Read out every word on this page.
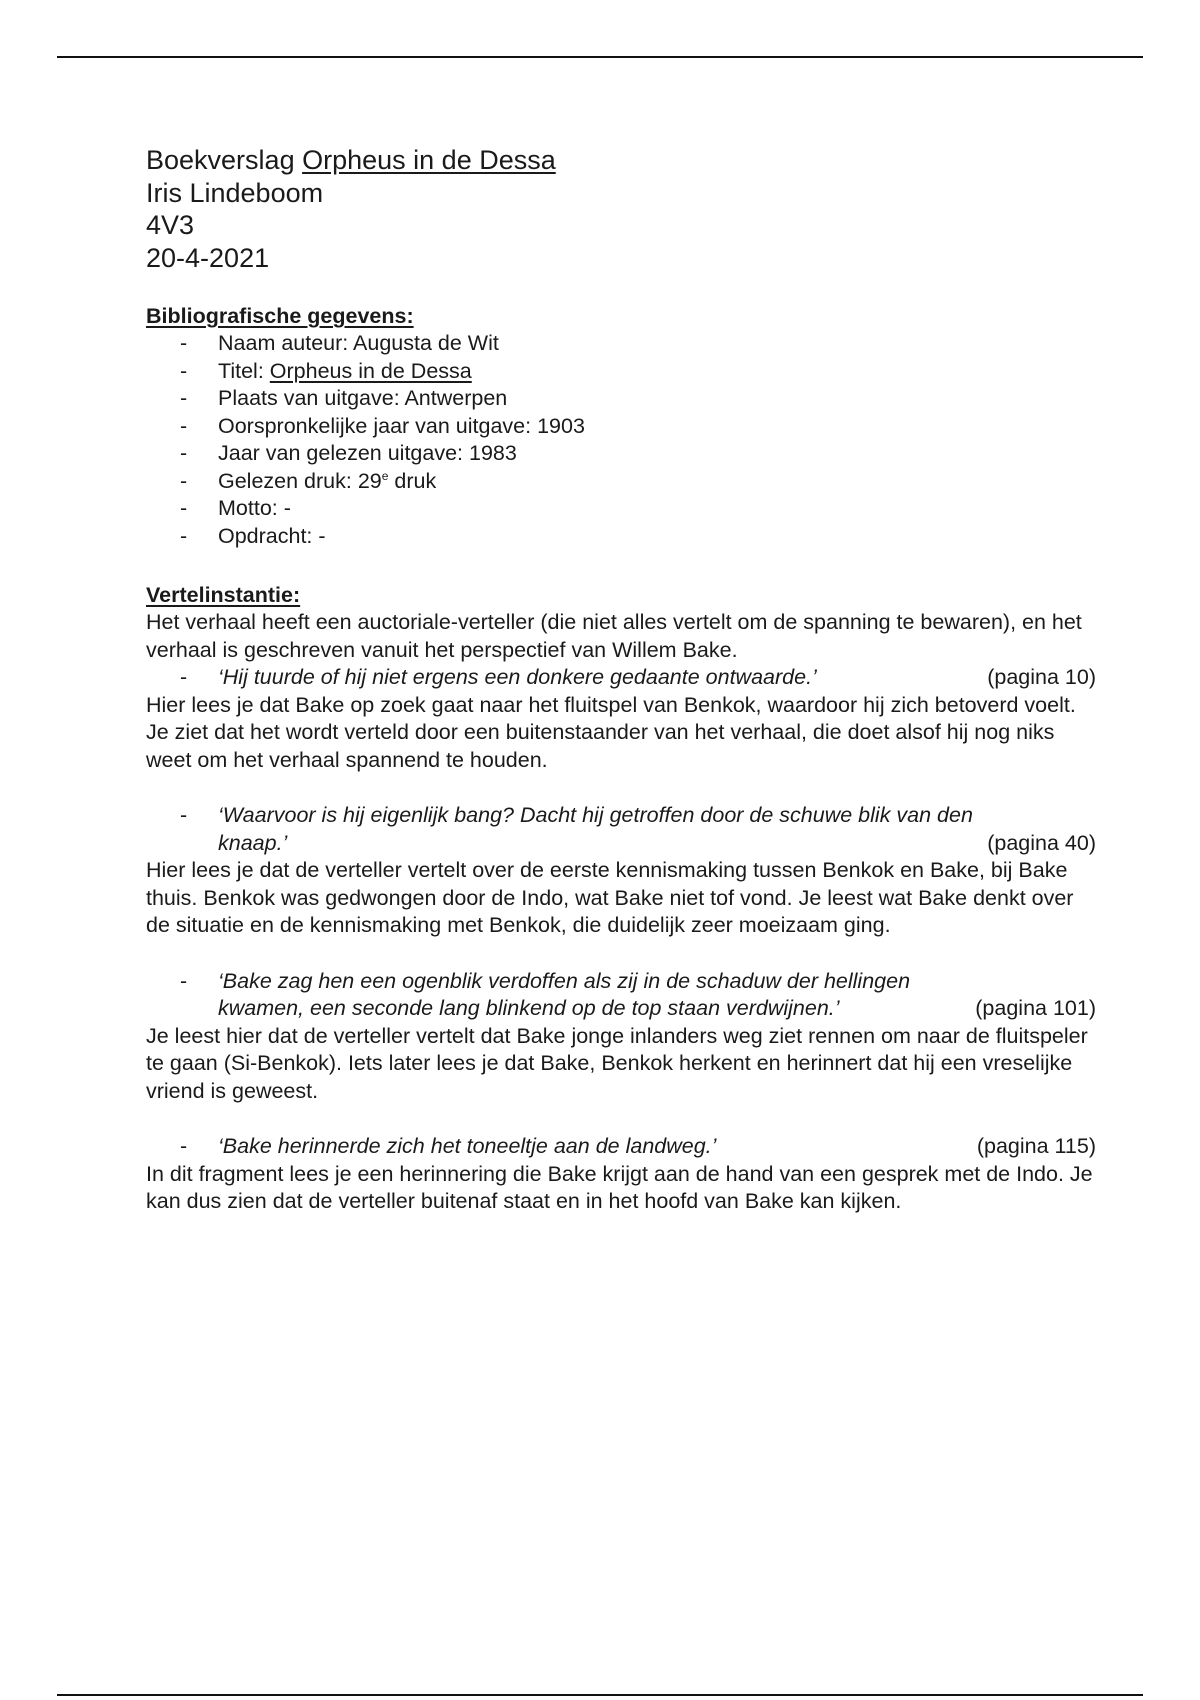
Boekverslag Orpheus in de Dessa
Iris Lindeboom
4V3
20-4-2021
Bibliografische gegevens:
- Naam auteur: Augusta de Wit
- Titel: Orpheus in de Dessa
- Plaats van uitgave: Antwerpen
- Oorspronkelijke jaar van uitgave: 1903
- Jaar van gelezen uitgave: 1983
- Gelezen druk: 29e druk
- Motto: -
- Opdracht: -
Vertelinstantie:

Het verhaal heeft een auctoriale-verteller (die niet alles vertelt om de spanning te bewaren), en het verhaal is geschreven vanuit het perspectief van Willem Bake.

- ‘Hij tuurde of hij niet ergens een donkere gedaante ontwaarde.’	(pagina 10)

Hier lees je dat Bake op zoek gaat naar het fluitspel van Benkok, waardoor hij zich betoverd voelt. Je ziet dat het wordt verteld door een buitenstaander van het verhaal, die doet alsof hij nog niks weet om het verhaal spannend te houden.

- ‘Waarvoor is hij eigenlijk bang? Dacht hij getroffen door de schuwe blik van den
knaap.’	(pagina 40)

Hier lees je dat de verteller vertelt over de eerste kennismaking tussen Benkok en Bake, bij Bake thuis. Benkok was gedwongen door de Indo, wat Bake niet tof vond. Je leest wat Bake denkt over de situatie en de kennismaking met Benkok, die duidelijk zeer moeizaam ging.

- ‘Bake zag hen een ogenblik verdoffen als zij in de schaduw der hellingen
kwamen, een seconde lang blinkend op de top staan verdwijnen.’	(pagina 101)

Je leest hier dat de verteller vertelt dat Bake jonge inlanders weg ziet rennen om naar de fluitspeler te gaan (Si-Benkok). Iets later lees je dat Bake, Benkok herkent en herinnert dat hij een vreselijke vriend is geweest.

- ‘Bake herinnerde zich het toneeltje aan de landweg.’	(pagina 115)

In dit fragment lees je een herinnering die Bake krijgt aan de hand van een gesprek met de Indo. Je kan dus zien dat de verteller buitenaf staat en in het hoofd van Bake kan kijken.
